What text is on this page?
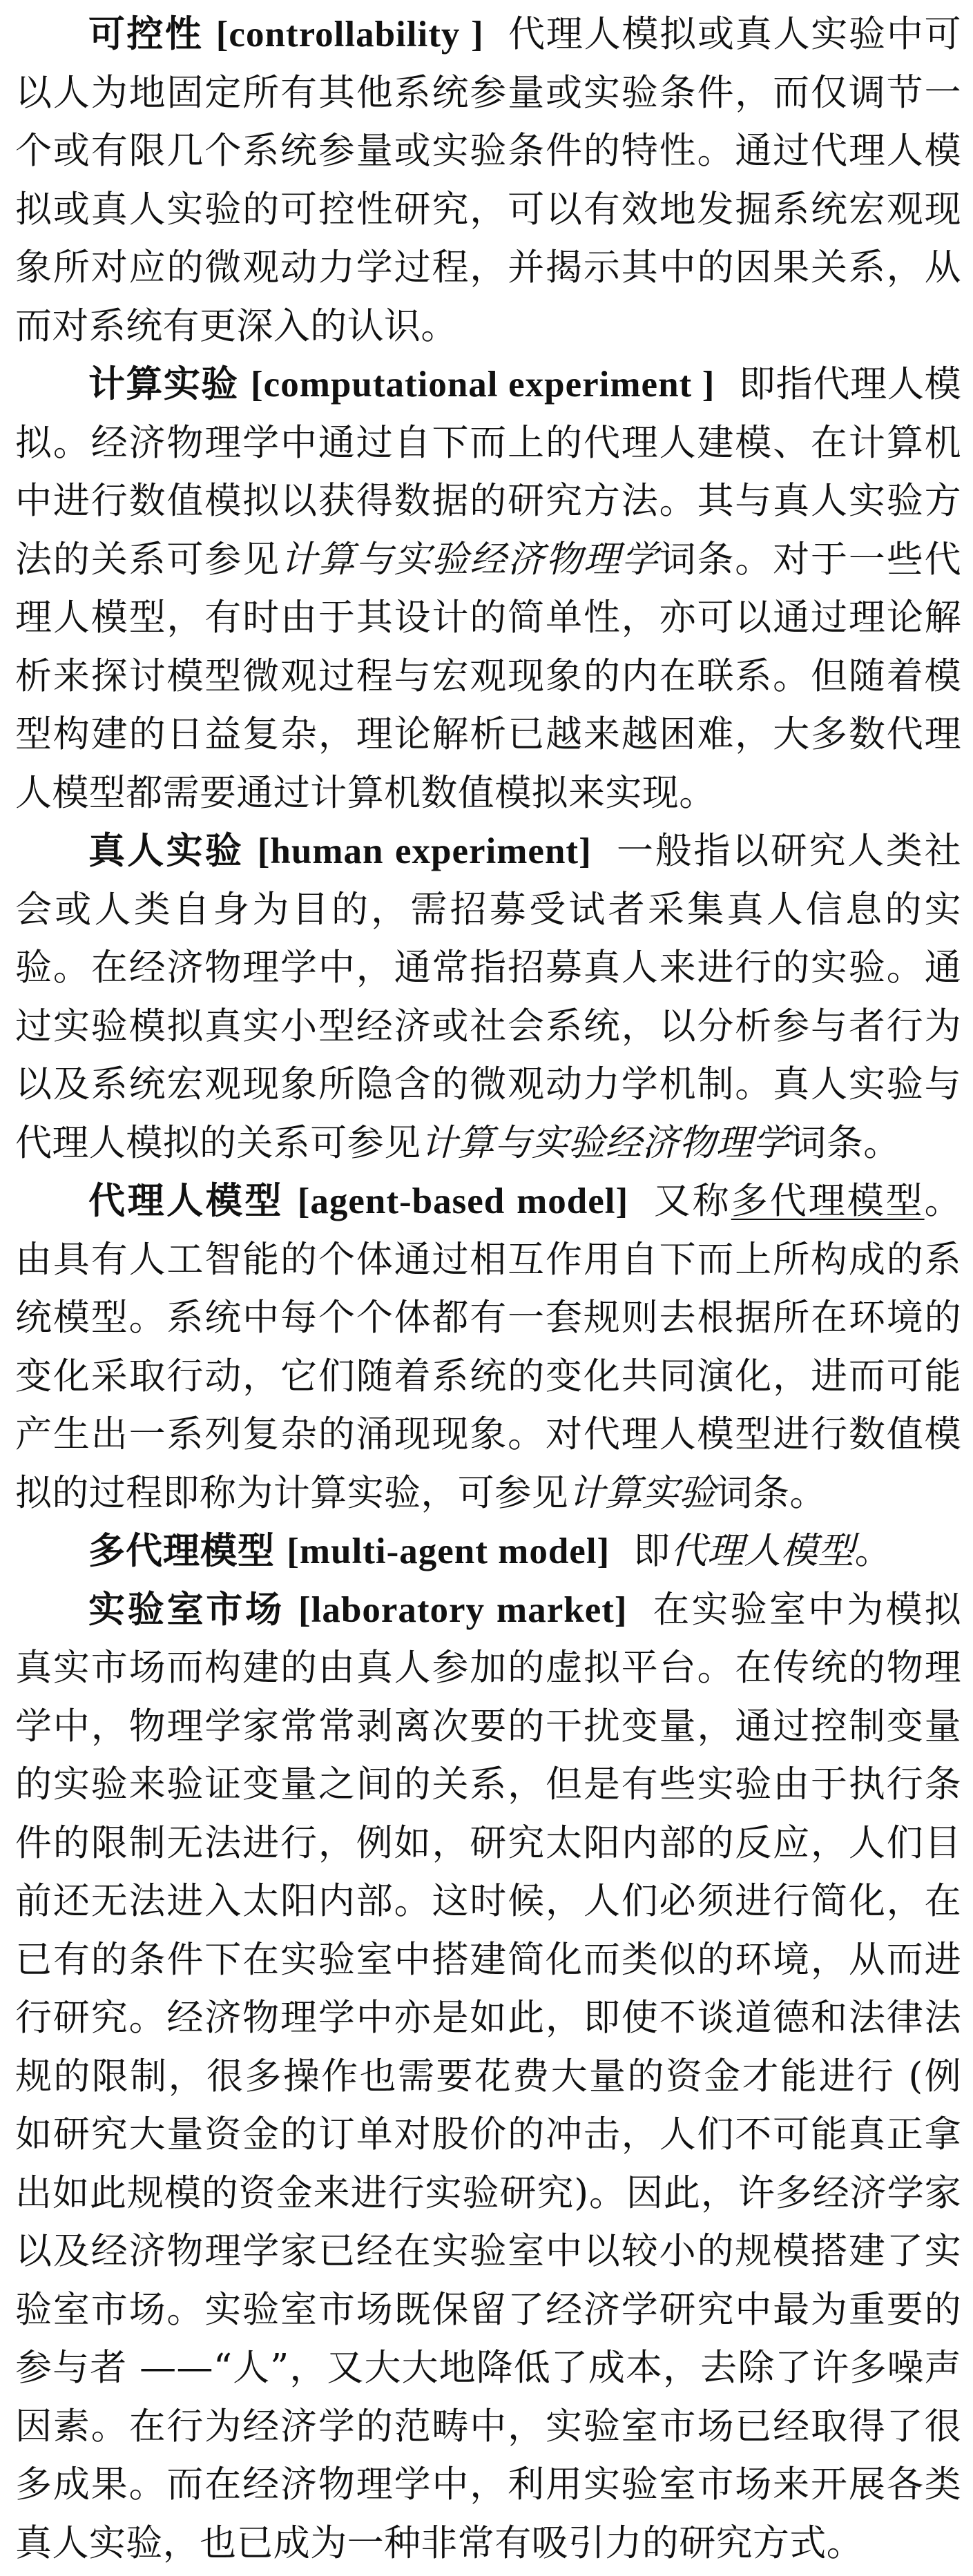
可控性 [controllability ] 代理人模拟或真人实验中可以人为地固定所有其他系统参量或实验条件，而仅调节一个或有限几个系统参量或实验条件的特性。通过代理人模拟或真人实验的可控性研究，可以有效地发掘系统宏观现象所对应的微观动力学过程，并揭示其中的因果关系，从而对系统有更深入的认识。

计算实验 [computational experiment ] 即指代理人模拟。经济物理学中通过自下而上的代理人建模、在计算机中进行数值模拟以获得数据的研究方法。其与真人实验方法的关系可参见计算与实验经济物理学词条。对于一些代理人模型，有时由于其设计的简单性，亦可以通过理论解析来探讨模型微观过程与宏观现象的内在联系。但随着模型构建的日益复杂，理论解析已越来越困难，大多数代理人模型都需要通过计算机数值模拟来实现。

真人实验 [human experiment] 一般指以研究人类社会或人类自身为目的，需招募受试者采集真人信息的实验。在经济物理学中，通常指招募真人来进行的实验。通过实验模拟真实小型经济或社会系统，以分析参与者行为以及系统宏观现象所隐含的微观动力学机制。真人实验与代理人模拟的关系可参见计算与实验经济物理学词条。

代理人模型 [agent-based model] 又称多代理模型。由具有人工智能的个体通过相互作用自下而上所构成的系统模型。系统中每个个体都有一套规则去根据所在环境的变化采取行动，它们随着系统的变化共同演化，进而可能产生出一系列复杂的涌现现象。对代理人模型进行数值模拟的过程即称为计算实验，可参见计算实验词条。

多代理模型 [multi-agent model] 即代理人模型。

实验室市场 [laboratory market] 在实验室中为模拟真实市场而构建的由真人参加的虚拟平台。在传统的物理学中，物理学家常常剥离次要的干扰变量，通过控制变量的实验来验证变量之间的关系，但是有些实验由于执行条件的限制无法进行，例如，研究太阳内部的反应，人们目前还无法进入太阳内部。这时候，人们必须进行简化，在已有的条件下在实验室中搭建简化而类似的环境，从而进行研究。经济物理学中亦是如此，即使不谈道德和法律法规的限制，很多操作也需要花费大量的资金才能进行 (例如研究大量资金的订单对股价的冲击，人们不可能真正拿出如此规模的资金来进行实验研究)。因此，许多经济学家以及经济物理学家已经在实验室中以较小的规模搭建了实验室市场。实验室市场既保留了经济学研究中最为重要的参与者 ——“人”，又大大地降低了成本，去除了许多噪声因素。在行为经济学的范畴中，实验室市场已经取得了很多成果。而在经济物理学中，利用实验室市场来开展各类真人实验，也已成为一种非常有吸引力的研究方式。
